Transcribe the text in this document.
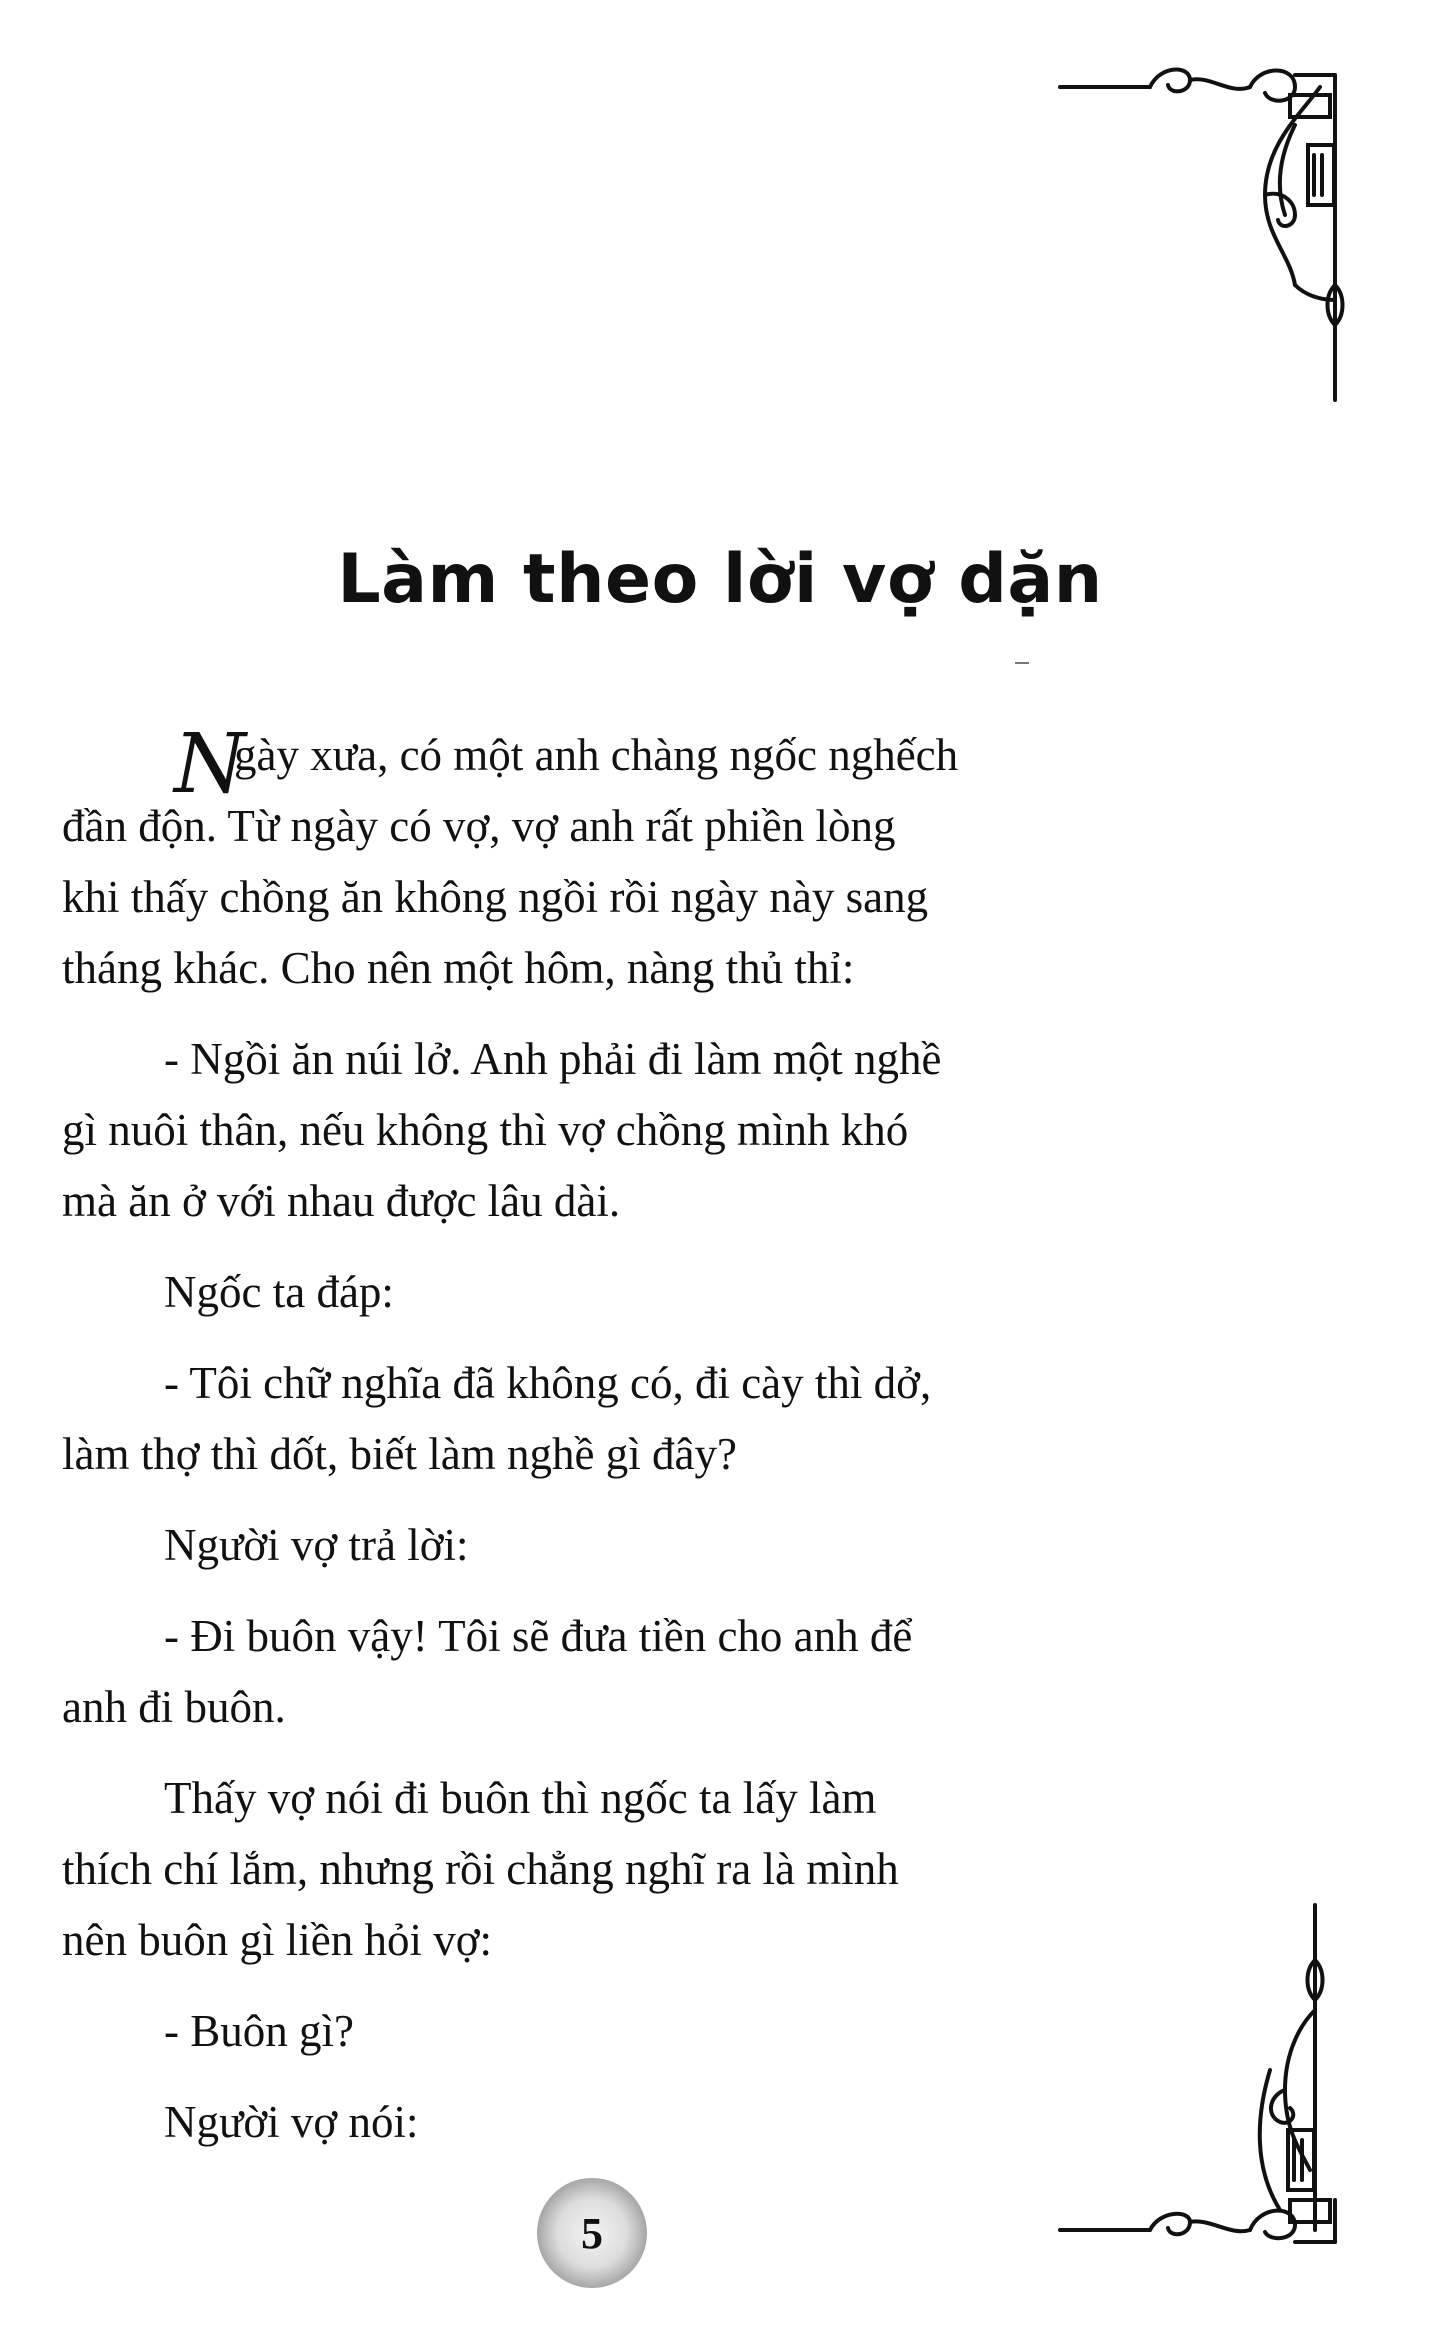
Làm theo lời vợ dặn
N
gày xưa, có một anh chàng ngốc nghếch
đần độn. Từ ngày có vợ, vợ anh rất phiền lòng
khi thấy chồng ăn không ngồi rồi ngày này sang
tháng khác. Cho nên một hôm, nàng thủ thỉ:
- Ngồi ăn núi lở. Anh phải đi làm một nghề
gì nuôi thân, nếu không thì vợ chồng mình khó
mà ăn ở với nhau được lâu dài.
Ngốc ta đáp:
- Tôi chữ nghĩa đã không có, đi cày thì dở,
làm thợ thì dốt, biết làm nghề gì đây?
Người vợ trả lời:
- Đi buôn vậy! Tôi sẽ đưa tiền cho anh để
anh đi buôn.
Thấy vợ nói đi buôn thì ngốc ta lấy làm
thích chí lắm, nhưng rồi chẳng nghĩ ra là mình
nên buôn gì liền hỏi vợ:
- Buôn gì?
Người vợ nói:
5
